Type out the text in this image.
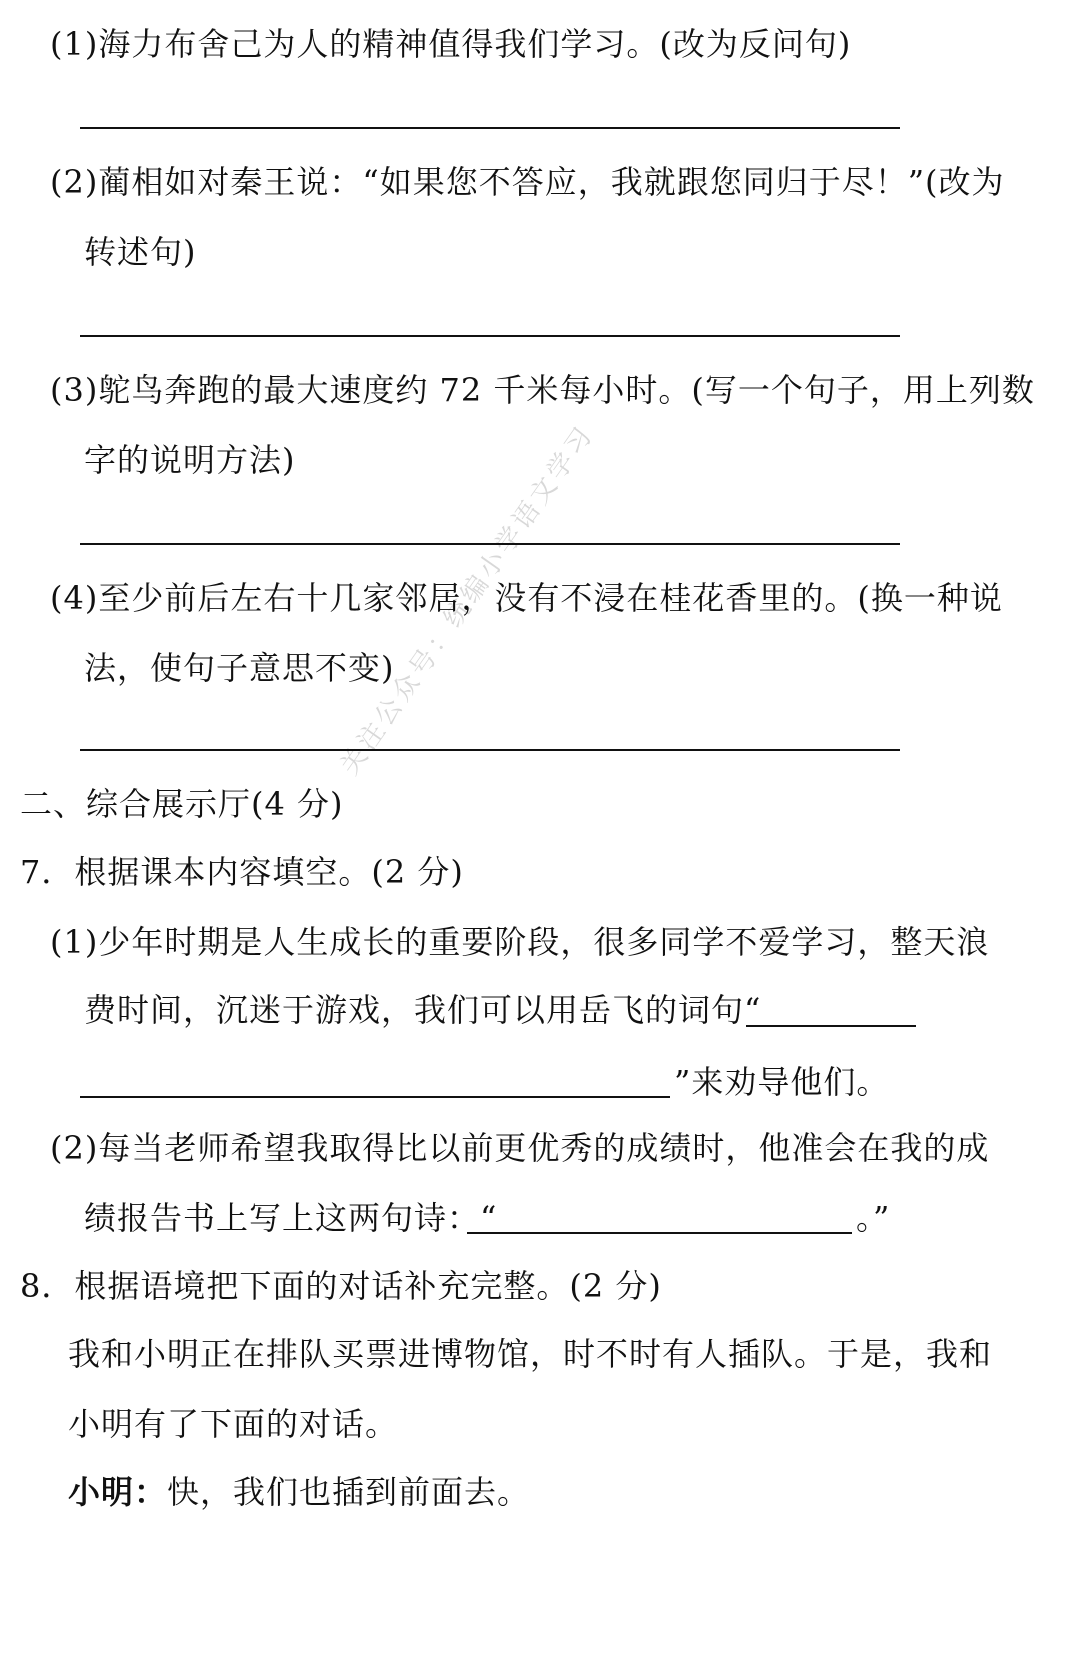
关注公众号：统编小学语文学习
(1)海力布舍己为人的精神值得我们学习。(改为反问句)
(2)蔺相如对秦王说：“如果您不答应，我就跟您同归于尽！”(改为
转述句)
(3)鸵鸟奔跑的最大速度约 72 千米每小时。(写一个句子，用上列数
字的说明方法)
(4)至少前后左右十几家邻居，没有不浸在桂花香里的。(换一种说
法，使句子意思不变)
二、综合展示厅(4 分)
7．根据课本内容填空。(2 分)
(1)少年时期是人生成长的重要阶段，很多同学不爱学习，整天浪
费时间，沉迷于游戏，我们可以用岳飞的词句“
”来劝导他们。
(2)每当老师希望我取得比以前更优秀的成绩时，他准会在我的成
绩报告书上写上这两句诗：“	。”
8．根据语境把下面的对话补充完整。(2 分)
我和小明正在排队买票进博物馆，时不时有人插队。于是，我和
小明有了下面的对话。
小明：快，我们也插到前面去。
